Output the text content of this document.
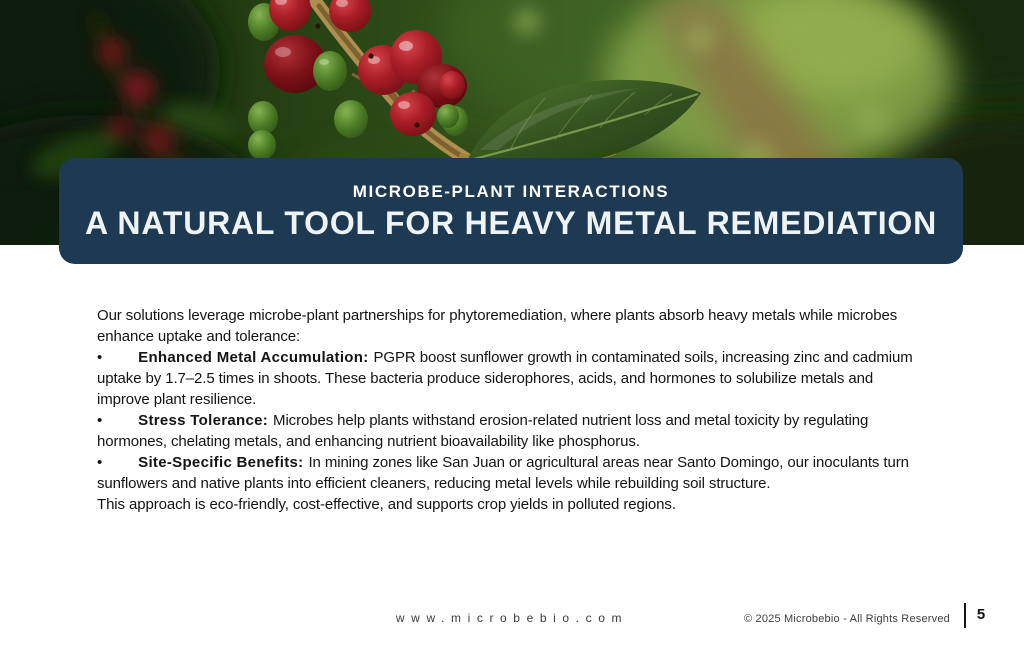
MICROBE-PLANT INTERACTIONS
A NATURAL TOOL FOR HEAVY METAL REMEDIATION

Our solutions leverage microbe-plant partnerships for phytoremediation, where plants absorb heavy metals while microbes enhance uptake and tolerance:

• Enhanced Metal Accumulation: PGPR boost sunflower growth in contaminated soils, increasing zinc and cadmium uptake by 1.7–2.5 times in shoots. These bacteria produce siderophores, acids, and hormones to solubilize metals and improve plant resilience.

• Stress Tolerance: Microbes help plants withstand erosion-related nutrient loss and metal toxicity by regulating hormones, chelating metals, and enhancing nutrient bioavailability like phosphorus.

• Site-Specific Benefits: In mining zones like San Juan or agricultural areas near Santo Domingo, our inoculants turn sunflowers and native plants into efficient cleaners, reducing metal levels while rebuilding soil structure.

This approach is eco-friendly, cost-effective, and supports crop yields in polluted regions.

www.microbebio.com	© 2025 Microbebio - All Rights Reserved	5
